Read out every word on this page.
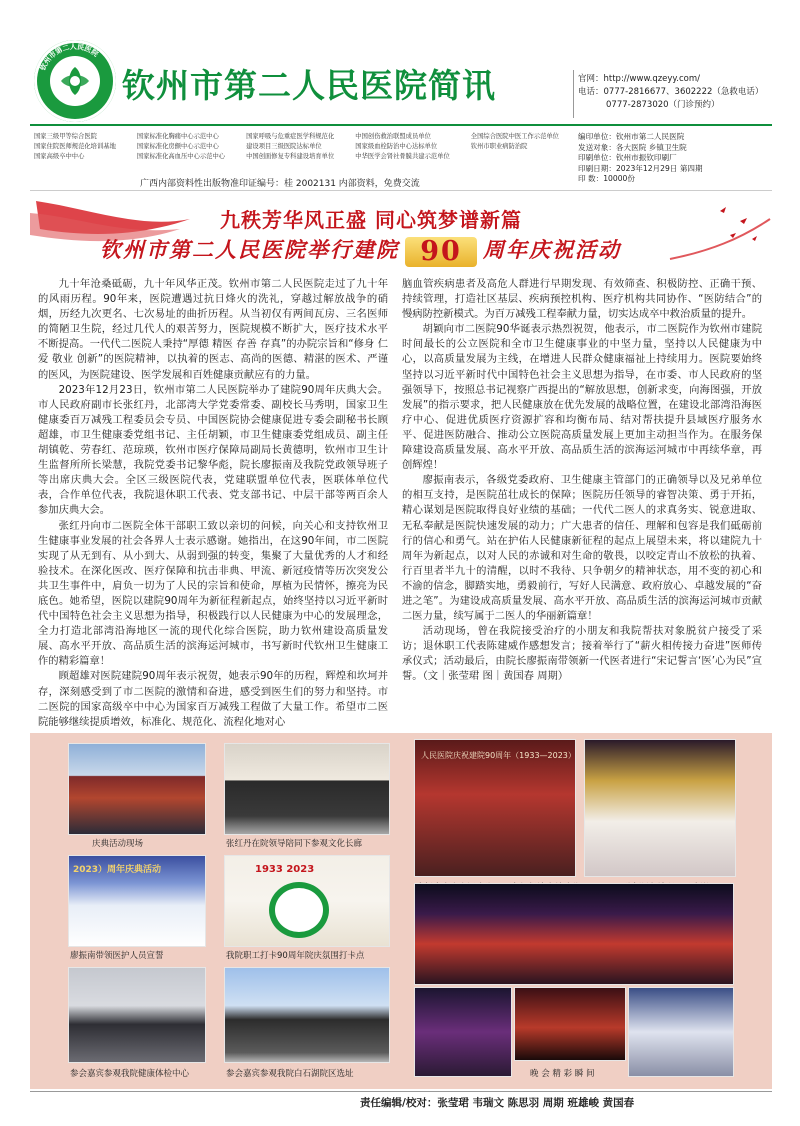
钦州市第二人民医院
钦州市第二人民医院简讯	官网：http://www.qzeyy.com/
电话：0777-2816677、3602222（急救电话）
0777-2873020（门诊预约）
国家三级甲等综合医院	国家标准化胸痛中心示范中心	国家呼吸与危重症医学科规范化	中国创伤救治联盟成员单位	全国综合医院中医工作示范单位
国家住院医师规范化培训基地	国家标准化房颤中心示范中心	建设项目三级医院达标单位	国家级血栓防治中心达标单位	钦州市职业病防治院
国家高级卒中中心	国家标准化高血压中心示范中心	中国创面修复专科建设培育单位	中华医学会肾社骨膜共建示范单位
编印单位：钦州市第二人民医院
发送对象：各大医院 乡镇卫生院
印刷单位：钦州市振钦印刷厂
印刷日期：2023年12月29日 第四期
印 数：10000份
广西内部资料性出版物准印证编号：桂 2002131 内部资料，免费交流
九秩芳华风正盛 同心筑梦谱新篇
钦州市第二人民医院举行建院 90 周年庆祝活动

九十年沧桑砥砺，九十年风华正茂。钦州市第二人民医院走过了九十年的风雨历程。90年来，医院遭遇过抗日烽火的洗礼，穿越过解放战争的硝烟，历经九次更名、七次易址的曲折历程。从当初仅有两间瓦房、三名医师的简陋卫生院，经过几代人的艰苦努力，医院规模不断扩大，医疗技术水平不断提高。一代代二医院人秉持“厚德 精医 存善 存真”的办院宗旨和“修身 仁爱 敬业 创新”的医院精神，以执着的医志、高尚的医德、精湛的医术、严谨的医风，为医院建设、医学发展和百姓健康贡献应有的力量。

2023年12月23日，钦州市第二人民医院举办了建院90周年庆典大会。市人民政府副市长张红丹，北部湾大学党委常委、副校长马秀明，国家卫生健康委百万减残工程委员会专员、中国医院协会健康促进专委会副秘书长顾超雄，市卫生健康委党组书记、主任胡颖，市卫生健康委党组成员、副主任胡镇乾、劳春红、范琼瑛，钦州市医疗保障局副局长黄德明，钦州市卫生计生监督所所长梁慧，我院党委书记黎华彪，院长廖振南及我院党政领导班子等出席庆典大会。全区三级医院代表，党建联盟单位代表，医联体单位代表，合作单位代表，我院退休职工代表、党支部书记、中层干部等两百余人参加庆典大会。

张红丹向市二医院全体干部职工致以亲切的问候，向关心和支持钦州卫生健康事业发展的社会各界人士表示感谢。她指出，在这90年间，市二医院实现了从无到有、从小到大、从弱到强的转变，集聚了大量优秀的人才和经验技术。在深化医改、医疗保障和抗击非典、甲流、新冠疫情等历次突发公共卫生事件中，肩负一切为了人民的宗旨和使命，厚植为民情怀，擦亮为民底色。她希望，医院以建院90周年为新征程新起点，始终坚持以习近平新时代中国特色社会主义思想为指导，积极践行以人民健康为中心的发展理念，全力打造北部湾沿海地区一流的现代化综合医院，助力钦州建设高质量发展、高水平开放、高品质生活的滨海运河城市，书写新时代钦州卫生健康工作的精彩篇章！

顾超雄对医院建院90周年表示祝贺，她表示90年的历程，辉煌和坎坷并存，深刻感受到了市二医院的激情和奋进，感受到医生们的努力和坚持。市二医院的国家高级卒中中心为国家百万减残工程做了大量工作。希望市二医院能够继续提质增效，标准化、规范化、流程化地对心

脑血管疾病患者及高危人群进行早期发现、有效筛查、积极防控、正确干预、持续管理，打造社区基层、疾病预控机构、医疗机构共同协作、“医防结合”的慢病防控新模式。为百万减残工程奉献力量，切实达成卒中救治质量的提升。

胡颖向市二医院90华诞表示热烈祝贺，他表示，市二医院作为钦州市建院时间最长的公立医院和全市卫生健康事业的中坚力量，坚持以人民健康为中心，以高质量发展为主线，在增进人民群众健康福祉上持续用力。医院要始终坚持以习近平新时代中国特色社会主义思想为指导，在市委、市人民政府的坚强领导下，按照总书记视察广西提出的“解放思想，创新求变，向海图强，开放发展”的指示要求，把人民健康放在优先发展的战略位置，在建设北部湾沿海医疗中心、促进优质医疗资源扩容和均衡布局、结对帮扶提升县域医疗服务水平、促进医防融合、推动公立医院高质量发展上更加主动担当作为。在服务保障建设高质量发展、高水平开放、高品质生活的滨海运河城市中再续华章，再创辉煌！

廖振南表示，各级党委政府、卫生健康主管部门的正确领导以及兄弟单位的相互支持，是医院茁壮成长的保障；医院历任领导的睿智决策、勇于开拓，精心谋划是医院取得良好业绩的基础；一代代二医人的求真务实、锐意进取、无私奉献是医院快速发展的动力；广大患者的信任、理解和包容是我们砥砺前行的信心和勇气。站在护佑人民健康新征程的起点上展望未来，将以建院九十周年为新起点，以对人民的赤诚和对生命的敬畏，以咬定青山不放松的执着、行百里者半九十的清醒，以时不我待、只争朝夕的精神状态，用不变的初心和不渝的信念，脚踏实地，勇毅前行，写好人民满意、政府放心、卓越发展的“奋进之笔”。为建设成高质量发展、高水平开放、高品质生活的滨海运河城市贡献二医力量，续写属于二医人的华丽新篇章！

活动现场，曾在我院接受治疗的小朋友和我院帮扶对象脱贫户接受了采访；退休职工代表陈建威作感想发言；接着举行了“薪火相传接力奋进”医师传承仪式；活动最后，由院长廖振南带领新一代医者进行“宋记誓言‘医’心为民”宣誓。（文｜张莹珺 图｜黄国春 周期）

庆典活动现场	张红丹在院领导陪同下参观文化长廊
人民医院庆祝建院90周年（1933—2023）
2023）周年庆典活动
廖振南带领医护人员宣誓
1933 2023
我院职工打卡90周年院庆氛围打卡点
参会嘉宾参观我院健康体检中心	参会嘉宾参观我院白石湖院区选址	晚 会 精 彩 瞬 间
责任编辑/校对：张莹珺 韦瑞文 陈思羽 周期 班雄峻 黄国春
